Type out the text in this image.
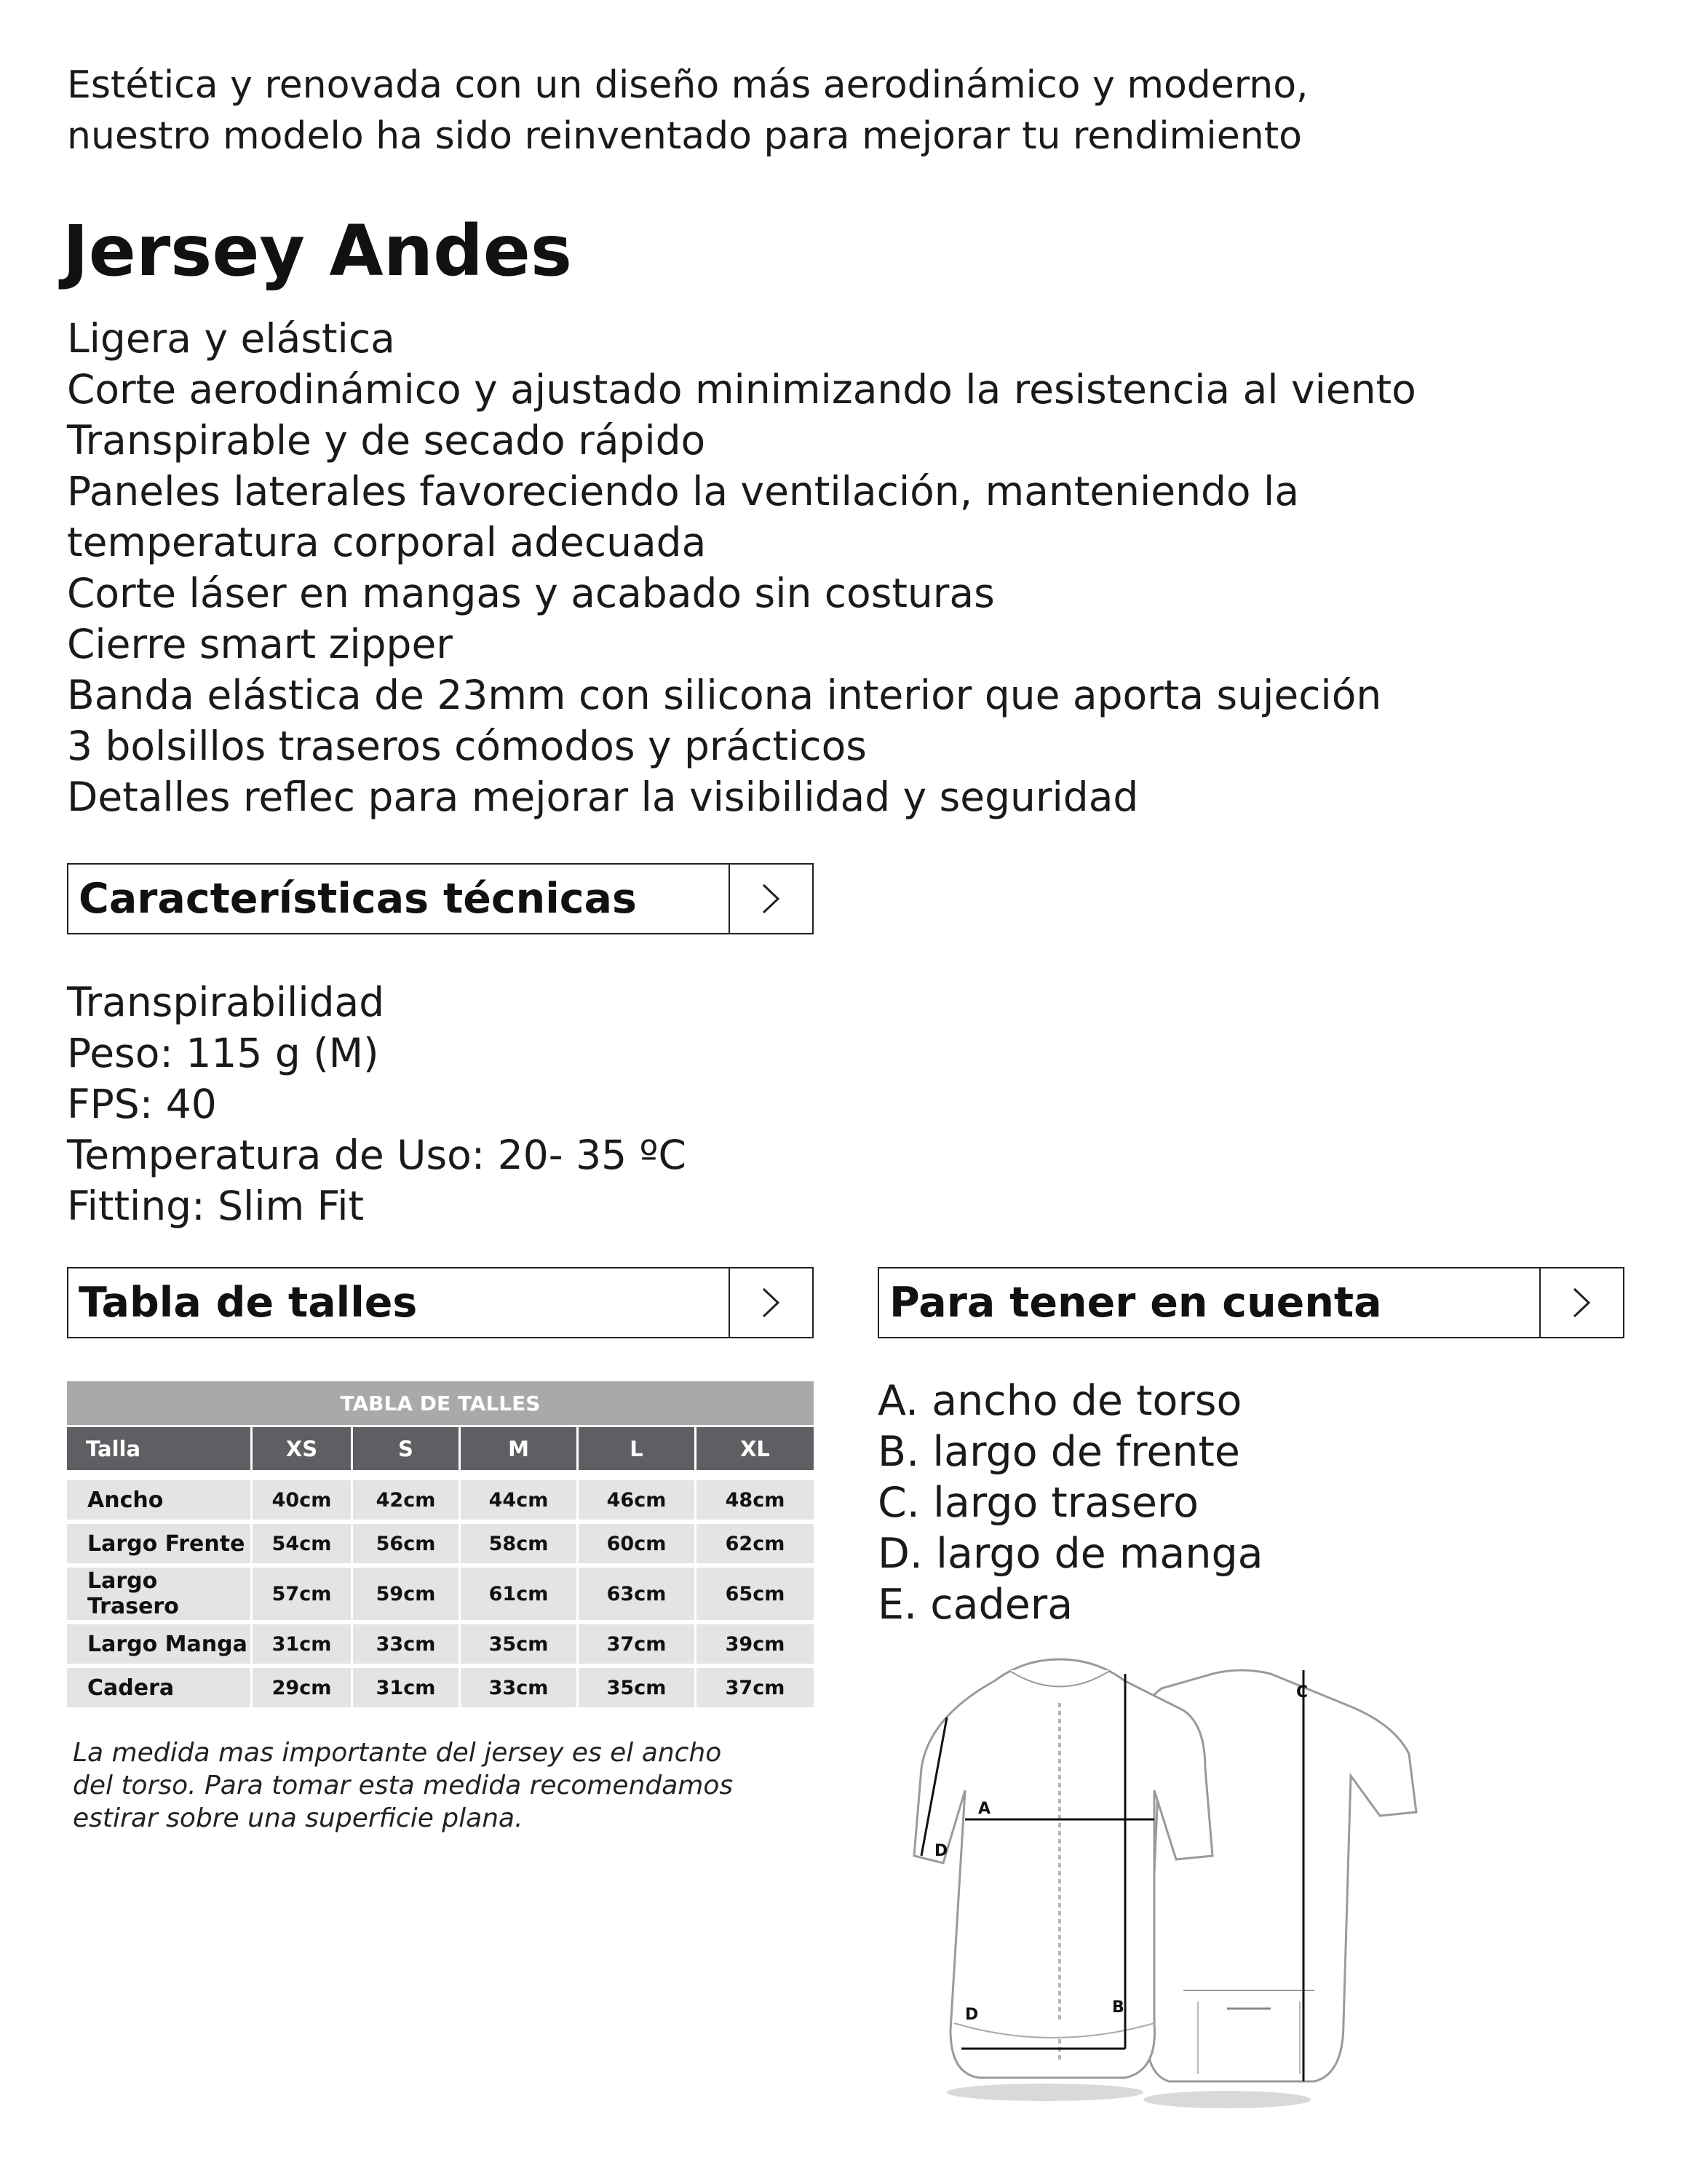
Estética y renovada con un diseño más aerodinámico y moderno,
nuestro modelo ha sido reinventado para mejorar tu rendimiento
Jersey Andes
Ligera y elástica
Corte aerodinámico y ajustado minimizando la resistencia al viento
Transpirable y de secado rápido
Paneles laterales favoreciendo la ventilación, manteniendo la
temperatura corporal adecuada
Corte láser en mangas y acabado sin costuras
Cierre smart zipper
Banda elástica de 23mm con silicona interior que aporta sujeción
3 bolsillos traseros cómodos y prácticos
Detalles reflec para mejorar la visibilidad y seguridad
Características técnicas
Transpirabilidad
Peso: 115 g (M)
FPS: 40
Temperatura de Uso: 20- 35 ºC
Fitting: Slim Fit
Tabla de talles	Para tener en cuenta
TABLA DE TALLES					
Talla	XS	S	M	L	XL

Ancho	40cm	42cm	44cm	46cm	48cm
Largo Frente	54cm	56cm	58cm	60cm	62cm
Largo Trasero	57cm	59cm	61cm	63cm	65cm
Largo Manga	31cm	33cm	35cm	37cm	39cm
Cadera	29cm	31cm	33cm	35cm	37cm
La medida mas importante del jersey es el ancho
del torso. Para tomar esta medida recomendamos
estirar sobre una superficie plana.
A. ancho de torso
B. largo de frente
C. largo trasero
D. largo de manga
E. cadera
A
B
C
D
D
